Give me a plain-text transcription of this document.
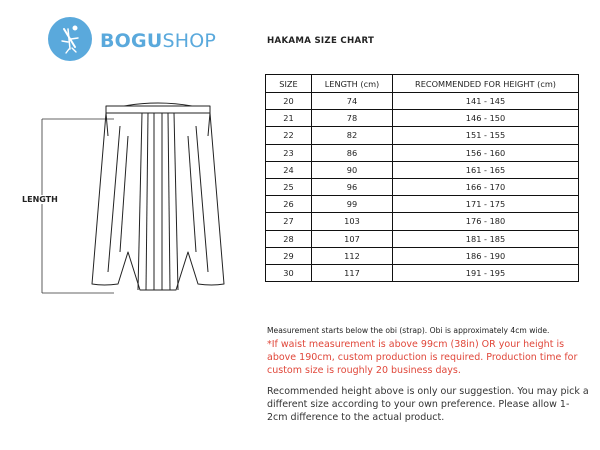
BOGUSHOP	HAKAMA SIZE CHART
SIZE	LENGTH (cm)	RECOMMENDED FOR HEIGHT (cm)
20	74	141 - 145
21	78	146 - 150
22	82	151 - 155
23	86	156 - 160
24	90	161 - 165
25	96	166 - 170
26	99	171 - 175
27	103	176 - 180
28	107	181 - 185
29	112	186 - 190
30	117	191 - 195
LENGTH
Measurement starts below the obi (strap). Obi is approximately 4cm wide.
*If waist measurement is above 99cm (38in) OR your height is above 190cm, custom production is required. Production time for custom size is roughly 20 business days.
Recommended height above is only our suggestion. You may pick a different size according to your own preference. Please allow 1-2cm difference to the actual product.
